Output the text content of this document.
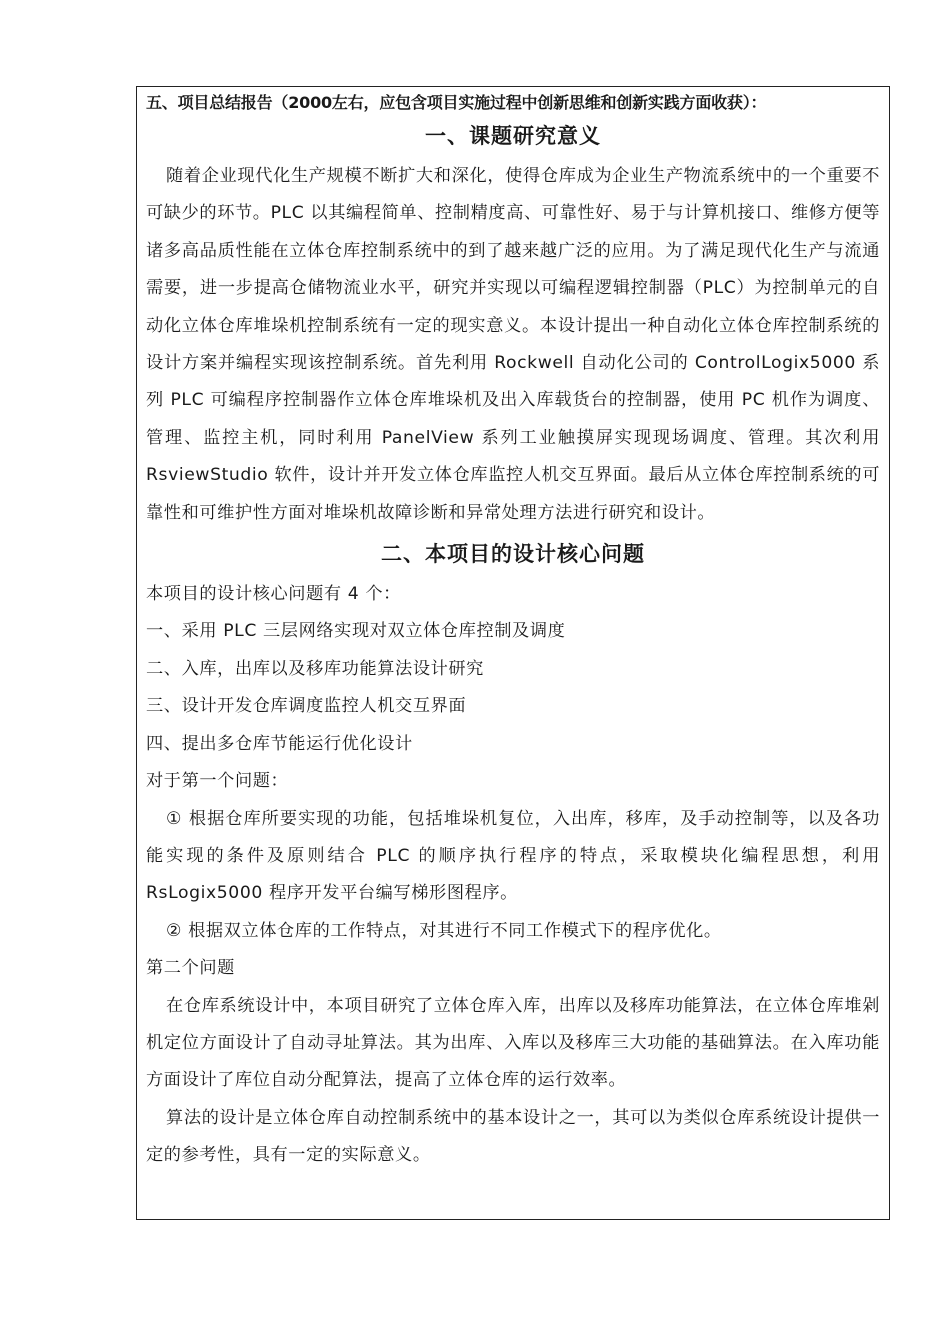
五、项目总结报告（2000左右，应包含项目实施过程中创新思维和创新实践方面收获）：
一、课题研究意义

随着企业现代化生产规模不断扩大和深化，使得仓库成为企业生产物流系统中的一个重要不可缺少的环节。PLC 以其编程简单、控制精度高、可靠性好、易于与计算机接口、维修方便等诸多高品质性能在立体仓库控制系统中的到了越来越广泛的应用。为了满足现代化生产与流通需要，进一步提高仓储物流业水平，研究并实现以可编程逻辑控制器（PLC）为控制单元的自动化立体仓库堆垛机控制系统有一定的现实意义。本设计提出一种自动化立体仓库控制系统的设计方案并编程实现该控制系统。首先利用 Rockwell 自动化公司的 ControlLogix5000 系列 PLC 可编程序控制器作立体仓库堆垛机及出入库载货台的控制器，使用 PC 机作为调度、管理、监控主机，同时利用 PanelView 系列工业触摸屏实现现场调度、管理。其次利用 RsviewStudio 软件，设计并开发立体仓库监控人机交互界面。最后从立体仓库控制系统的可靠性和可维护性方面对堆垛机故障诊断和异常处理方法进行研究和设计。

二、本项目的设计核心问题

本项目的设计核心问题有 4 个：

一、采用 PLC 三层网络实现对双立体仓库控制及调度

二、入库，出库以及移库功能算法设计研究

三、设计开发仓库调度监控人机交互界面

四、提出多仓库节能运行优化设计

对于第一个问题：

① 根据仓库所要实现的功能，包括堆垛机复位，入出库，移库，及手动控制等，以及各功能实现的条件及原则结合 PLC 的顺序执行程序的特点，采取模块化编程思想，利用 RsLogix5000 程序开发平台编写梯形图程序。

② 根据双立体仓库的工作特点，对其进行不同工作模式下的程序优化。

第二个问题

在仓库系统设计中，本项目研究了立体仓库入库，出库以及移库功能算法，在立体仓库堆剁机定位方面设计了自动寻址算法。其为出库、入库以及移库三大功能的基础算法。在入库功能方面设计了库位自动分配算法，提高了立体仓库的运行效率。

算法的设计是立体仓库自动控制系统中的基本设计之一，其可以为类似仓库系统设计提供一定的参考性，具有一定的实际意义。
